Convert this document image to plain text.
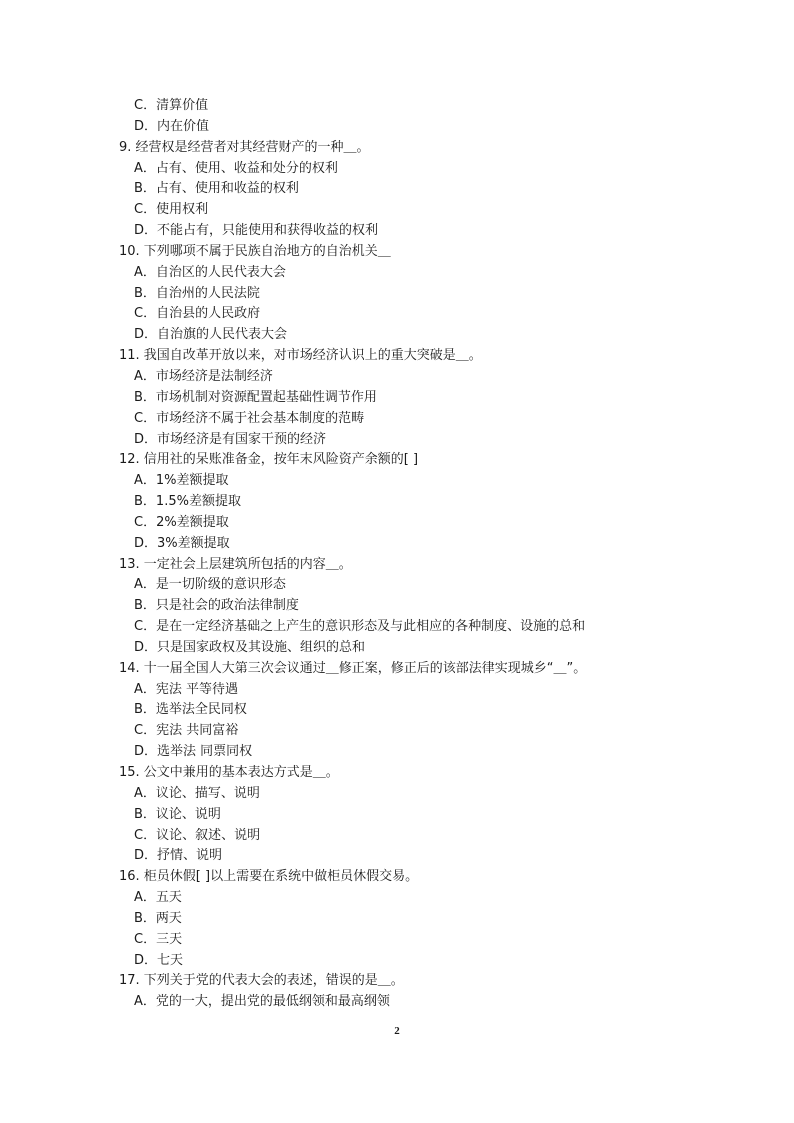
C．清算价值
D．内在价值
9. 经营权是经营者对其经营财产的一种＿。
A．占有、使用、收益和处分的权利
B．占有、使用和收益的权利
C．使用权利
D．不能占有，只能使用和获得收益的权利
10. 下列哪项不属于民族自治地方的自治机关＿
A．自治区的人民代表大会
B．自治州的人民法院
C．自治县的人民政府
D．自治旗的人民代表大会
11. 我国自改革开放以来，对市场经济认识上的重大突破是＿。
A．市场经济是法制经济
B．市场机制对资源配置起基础性调节作用
C．市场经济不属于社会基本制度的范畴
D．市场经济是有国家干预的经济
12. 信用社的呆账准备金，按年末风险资产余额的[ ]
A．1%差额提取
B．1.5%差额提取
C．2%差额提取
D．3%差额提取
13. 一定社会上层建筑所包括的内容＿。
A．是一切阶级的意识形态
B．只是社会的政治法律制度
C．是在一定经济基础之上产生的意识形态及与此相应的各种制度、设施的总和
D．只是国家政权及其设施、组织的总和
14. 十一届全国人大第三次会议通过＿修正案，修正后的该部法律实现城乡“＿”。
A．宪法 平等待遇
B．选举法全民同权
C．宪法 共同富裕
D．选举法 同票同权
15. 公文中兼用的基本表达方式是＿。
A．议论、描写、说明
B．议论、说明
C．议论、叙述、说明
D．抒情、说明
16. 柜员休假[ ]以上需要在系统中做柜员休假交易。
A．五天
B．两天
C．三天
D．七天
17. 下列关于党的代表大会的表述，错误的是＿。
A．党的一大，提出党的最低纲领和最高纲领
2
